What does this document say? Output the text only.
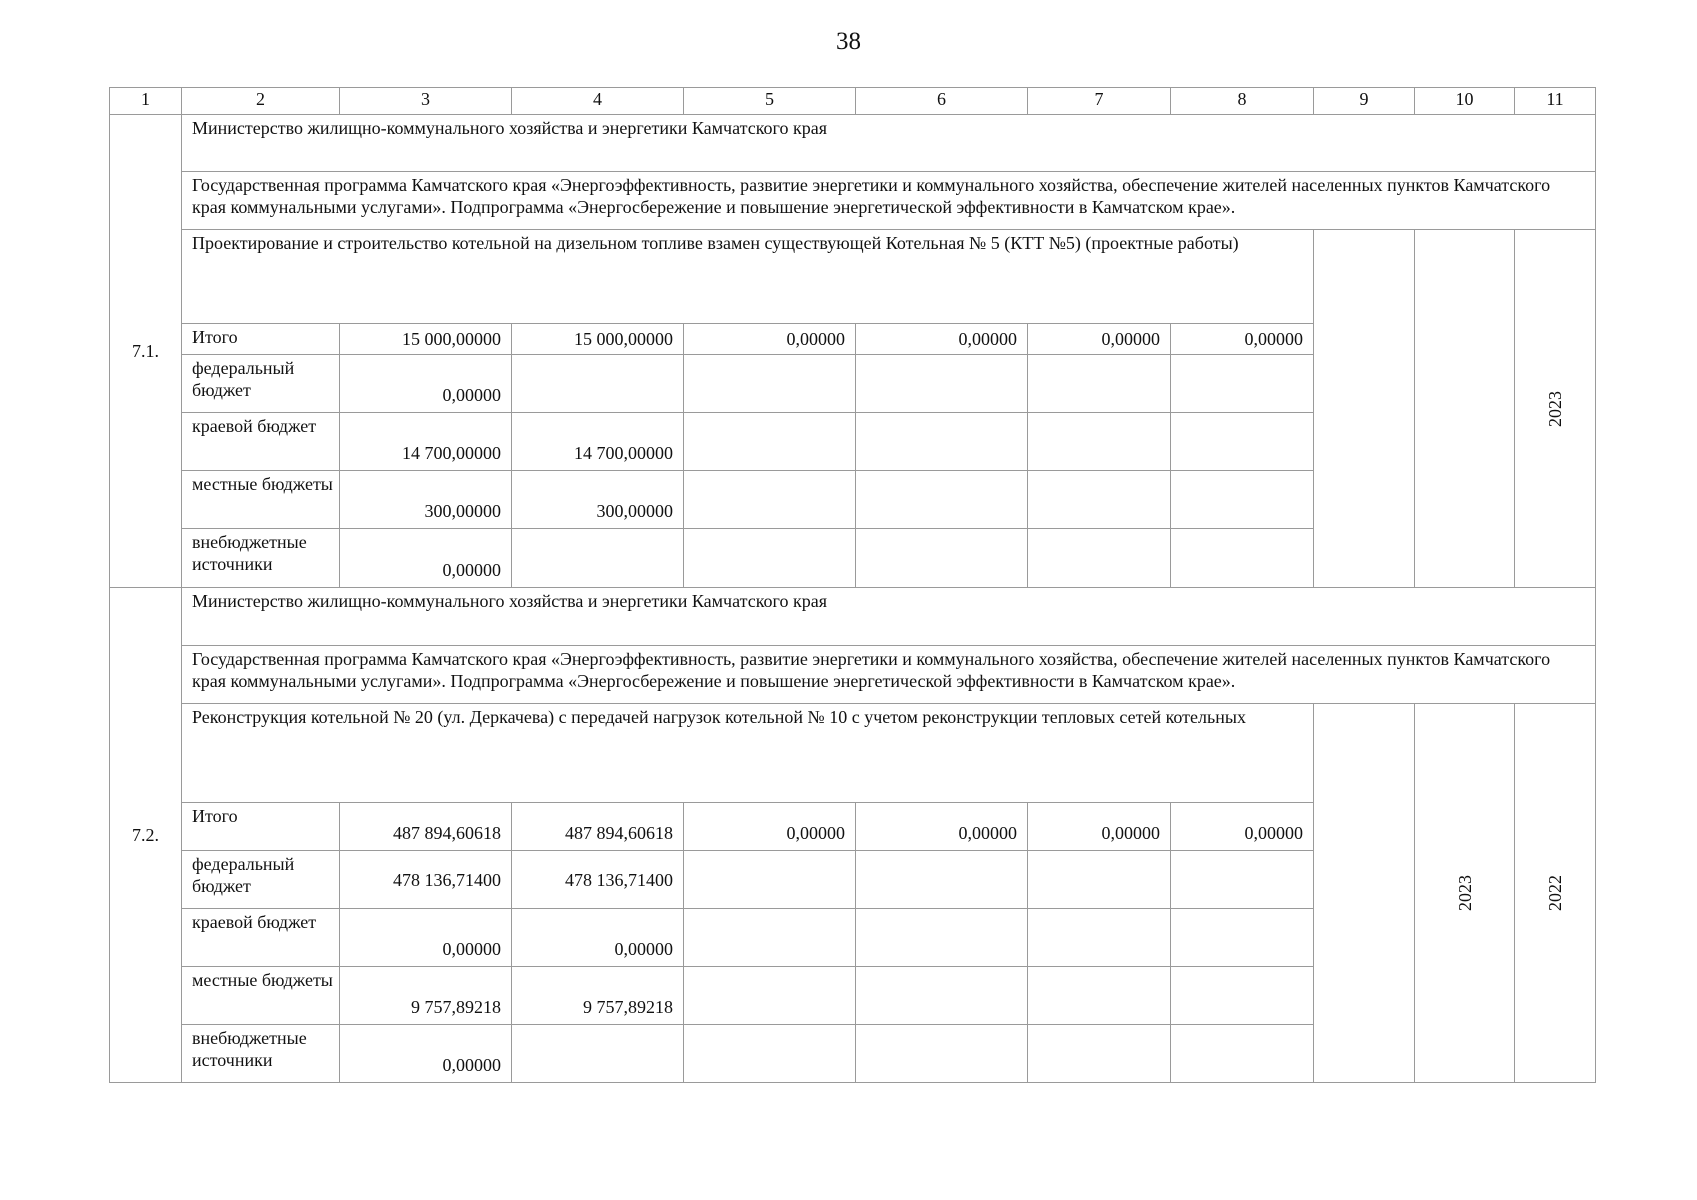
38
1	2	3	4	5	6	7	8	9	10	11
7.1.	Министерство жилищно-коммунального хозяйства и энергетики Камчатского края									
	Государственная программа Камчатского края «Энергоэффективность, развитие энергетики и коммунального хозяйства, обеспечение жителей населенных пунктов Камчатского края коммунальными услугами». Подпрограмма «Энергосбережение и повышение энергетической эффективности в Камчатском крае».									
	Проектирование и строительство котельной на дизельном топливе взамен существующей Котельная № 5 (КТТ №5) (проектные работы)									2023
	Итого	15 000,00000	15 000,00000	0,00000	0,00000	0,00000	0,00000			
	федеральный бюджет	0,00000								
	краевой бюджет	14 700,00000	14 700,00000							
	местные бюджеты	300,00000	300,00000							
	внебюджетные источники	0,00000								
7.2.	Министерство жилищно-коммунального хозяйства и энергетики Камчатского края									
	Государственная программа Камчатского края «Энергоэффективность, развитие энергетики и коммунального хозяйства, обеспечение жителей населенных пунктов Камчатского края коммунальными услугами». Подпрограмма «Энергосбережение и повышение энергетической эффективности в Камчатском крае».									
	Реконструкция котельной № 20 (ул. Деркачева) с передачей нагрузок котельной № 10 с учетом реконструкции тепловых сетей котельных								2023	2022
	Итого	487 894,60618	487 894,60618	0,00000	0,00000	0,00000	0,00000			
	федеральный бюджет	478 136,71400	478 136,71400							
	краевой бюджет	0,00000	0,00000							
	местные бюджеты	9 757,89218	9 757,89218							
	внебюджетные источники	0,00000								
